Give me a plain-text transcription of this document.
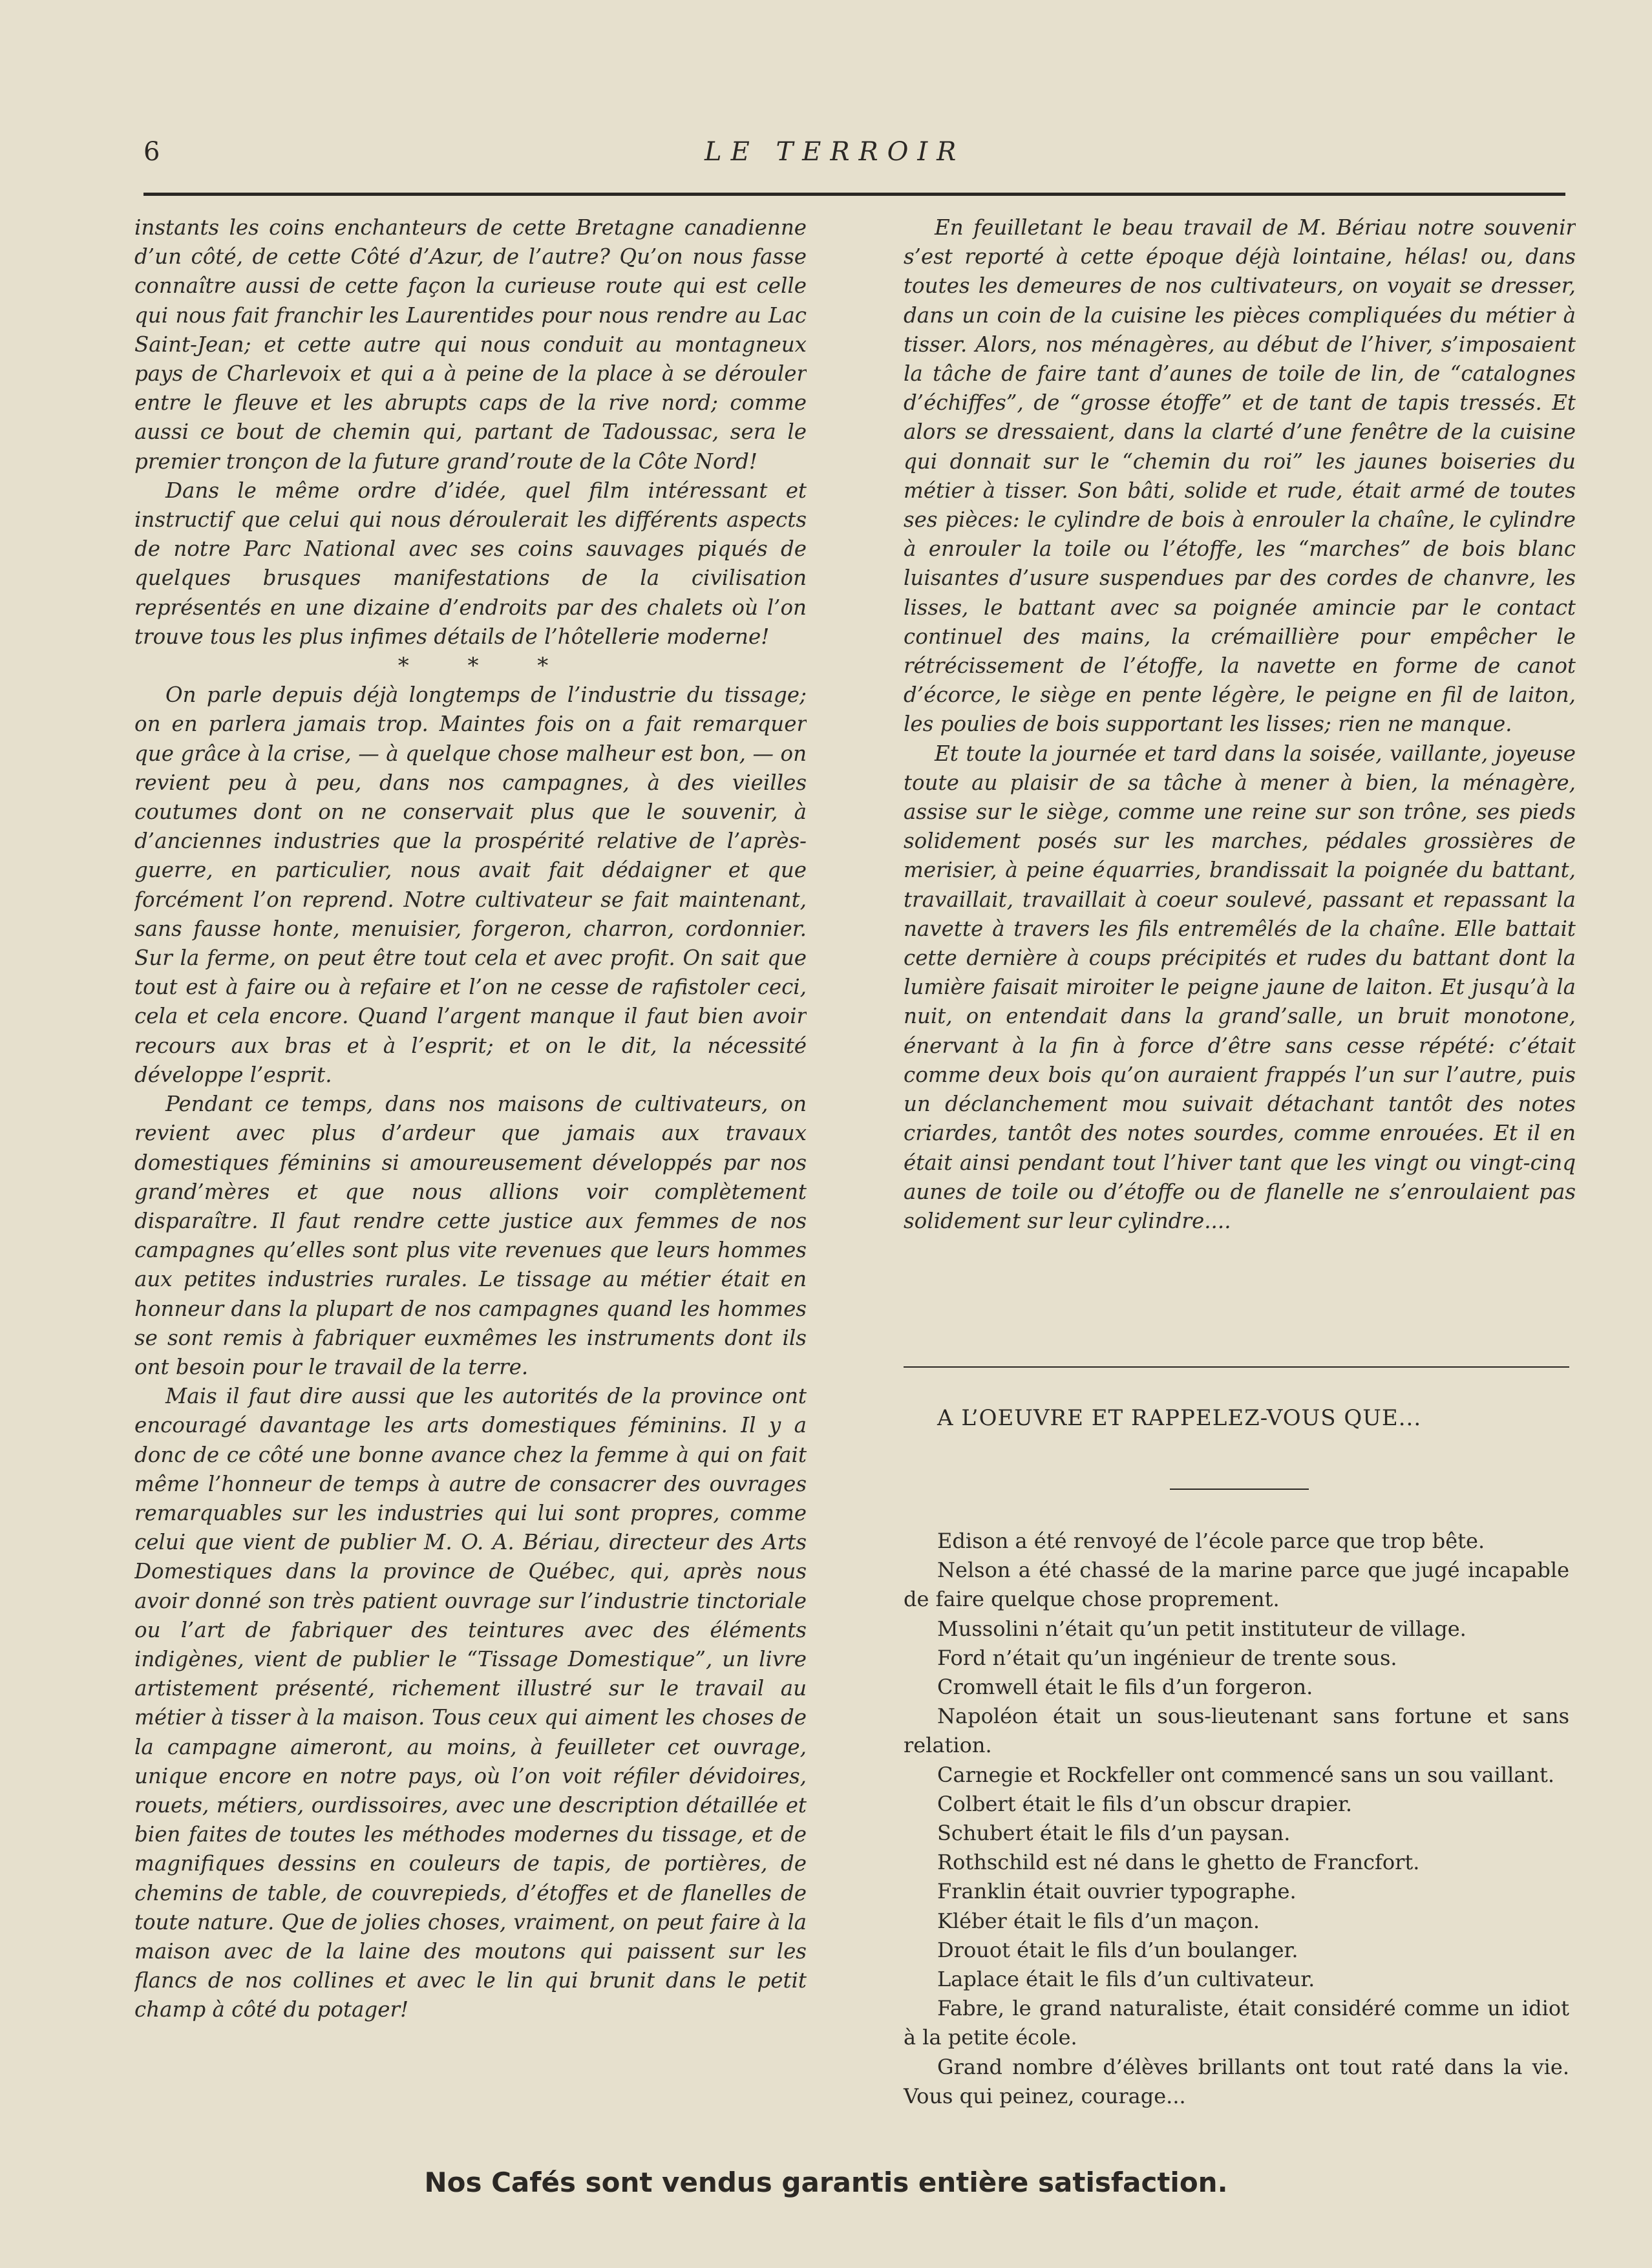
6	LE TERROIR

instants les coins enchanteurs de cette Bretagne canadienne d’un côté, de cette Côté d’Azur, de l’autre? Qu’on nous fasse connaître aussi de cette façon la curieuse route qui est celle qui nous fait franchir les Laurentides pour nous rendre au Lac Saint-Jean; et cette autre qui nous conduit au montagneux pays de Charlevoix et qui a à peine de la place à se dérouler entre le fleuve et les abrupts caps de la rive nord; comme aussi ce bout de chemin qui, partant de Tadoussac, sera le premier tronçon de la future grand’route de la Côte Nord!

Dans le même ordre d’idée, quel film intéressant et instructif que celui qui nous déroulerait les différents aspects de notre Parc National avec ses coins sauvages piqués de quelques brusques manifestations de la civilisation représentés en une dizaine d’endroits par des chalets où l’on trouve tous les plus infimes détails de l’hôtellerie moderne!

* * *

On parle depuis déjà longtemps de l’industrie du tissage; on en parlera jamais trop. Maintes fois on a fait remarquer que grâce à la crise, — à quelque chose malheur est bon, — on revient peu à peu, dans nos campagnes, à des vieilles coutumes dont on ne conservait plus que le souvenir, à d’anciennes industries que la prospérité relative de l’après-guerre, en particulier, nous avait fait dédaigner et que forcément l’on reprend. Notre cultivateur se fait maintenant, sans fausse honte, menuisier, forgeron, charron, cordonnier. Sur la ferme, on peut être tout cela et avec profit. On sait que tout est à faire ou à refaire et l’on ne cesse de rafistoler ceci, cela et cela encore. Quand l’argent manque il faut bien avoir recours aux bras et à l’esprit; et on le dit, la nécessité développe l’esprit.

Pendant ce temps, dans nos maisons de cultivateurs, on revient avec plus d’ardeur que jamais aux travaux domestiques féminins si amoureusement développés par nos grand’mères et que nous allions voir complètement disparaître. Il faut rendre cette justice aux femmes de nos campagnes qu’elles sont plus vite revenues que leurs hommes aux petites industries rurales. Le tissage au métier était en honneur dans la plupart de nos campagnes quand les hommes se sont remis à fabriquer euxmêmes les instruments dont ils ont besoin pour le travail de la terre.

Mais il faut dire aussi que les autorités de la province ont encouragé davantage les arts domestiques féminins. Il y a donc de ce côté une bonne avance chez la femme à qui on fait même l’honneur de temps à autre de consacrer des ouvrages remarquables sur les industries qui lui sont propres, comme celui que vient de publier M. O. A. Bériau, directeur des Arts Domestiques dans la province de Québec, qui, après nous avoir donné son très patient ouvrage sur l’industrie tinctoriale ou l’art de fabriquer des teintures avec des éléments indigènes, vient de publier le “Tissage Domestique”, un livre artistement présenté, richement illustré sur le travail au métier à tisser à la maison. Tous ceux qui aiment les choses de la campagne aimeront, au moins, à feuilleter cet ouvrage, unique encore en notre pays, où l’on voit réfiler dévidoires, rouets, métiers, ourdissoires, avec une description détaillée et bien faites de toutes les méthodes modernes du tissage, et de magnifiques dessins en couleurs de tapis, de portières, de chemins de table, de couvrepieds, d’étoffes et de flanelles de toute nature. Que de jolies choses, vraiment, on peut faire à la maison avec de la laine des moutons qui paissent sur les flancs de nos collines et avec le lin qui brunit dans le petit champ à côté du potager!

En feuilletant le beau travail de M. Bériau notre souvenir s’est reporté à cette époque déjà lointaine, hélas! ou, dans toutes les demeures de nos cultivateurs, on voyait se dresser, dans un coin de la cuisine les pièces compliquées du métier à tisser. Alors, nos ménagères, au début de l’hiver, s’imposaient la tâche de faire tant d’aunes de toile de lin, de “catalognes d’échiffes”, de “grosse étoffe” et de tant de tapis tressés. Et alors se dressaient, dans la clarté d’une fenêtre de la cuisine qui donnait sur le “chemin du roi” les jaunes boiseries du métier à tisser. Son bâti, solide et rude, était armé de toutes ses pièces: le cylindre de bois à enrouler la chaîne, le cylindre à enrouler la toile ou l’étoffe, les “marches” de bois blanc luisantes d’usure suspendues par des cordes de chanvre, les lisses, le battant avec sa poignée amincie par le contact continuel des mains, la crémaillière pour empêcher le rétrécissement de l’étoffe, la navette en forme de canot d’écorce, le siège en pente légère, le peigne en fil de laiton, les poulies de bois supportant les lisses; rien ne manque.

Et toute la journée et tard dans la soisée, vaillante, joyeuse toute au plaisir de sa tâche à mener à bien, la ménagère, assise sur le siège, comme une reine sur son trône, ses pieds solidement posés sur les marches, pédales grossières de merisier, à peine équarries, brandissait la poignée du battant, travaillait, travaillait à coeur soulevé, passant et repassant la navette à travers les fils entremêlés de la chaîne. Elle battait cette dernière à coups précipités et rudes du battant dont la lumière faisait miroiter le peigne jaune de laiton. Et jusqu’à la nuit, on entendait dans la grand’salle, un bruit monotone, énervant à la fin à force d’être sans cesse répété: c’était comme deux bois qu’on auraient frappés l’un sur l’autre, puis un déclanchement mou suivait détachant tantôt des notes criardes, tantôt des notes sourdes, comme enrouées. Et il en était ainsi pendant tout l’hiver tant que les vingt ou vingt-cinq aunes de toile ou d’étoffe ou de flanelle ne s’enroulaient pas solidement sur leur cylindre....

A L’OEUVRE ET RAPPELEZ-VOUS QUE...

Edison a été renvoyé de l’école parce que trop bête.

Nelson a été chassé de la marine parce que jugé incapable de faire quelque chose proprement.

Mussolini n’était qu’un petit instituteur de village.

Ford n’était qu’un ingénieur de trente sous.

Cromwell était le fils d’un forgeron.

Napoléon était un sous-lieutenant sans fortune et sans relation.

Carnegie et Rockfeller ont commencé sans un sou vaillant.

Colbert était le fils d’un obscur drapier.

Schubert était le fils d’un paysan.

Rothschild est né dans le ghetto de Francfort.

Franklin était ouvrier typographe.

Kléber était le fils d’un maçon.

Drouot était le fils d’un boulanger.

Laplace était le fils d’un cultivateur.

Fabre, le grand naturaliste, était considéré comme un idiot à la petite école.

Grand nombre d’élèves brillants ont tout raté dans la vie. Vous qui peinez, courage...

Nos Cafés sont vendus garantis entière satisfaction.
